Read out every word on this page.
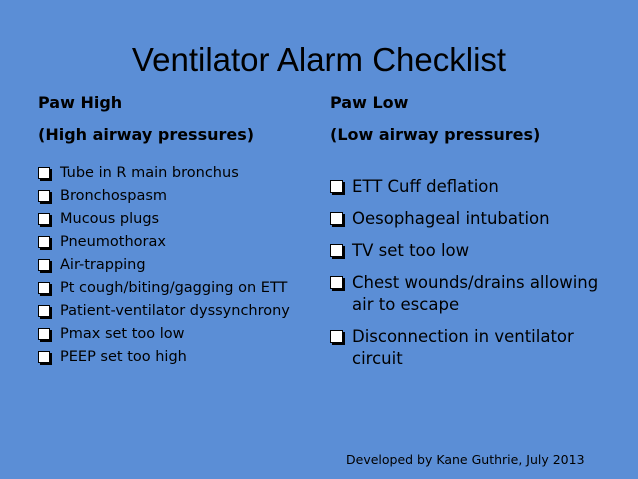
Ventilator Alarm Checklist

Paw High

(High airway pressures)

Tube in R main bronchus
Bronchospasm
Mucous plugs
Pneumothorax
Air-trapping
Pt cough/biting/gagging on ETT
Patient-ventilator dyssynchrony
Pmax set too low
PEEP set too high

Paw Low

(Low airway pressures)

ETT Cuff deflation
Oesophageal intubation
TV set too low
Chest wounds/drains allowing air to escape
Disconnection in ventilator circuit
Developed by Kane Guthrie, July 2013
